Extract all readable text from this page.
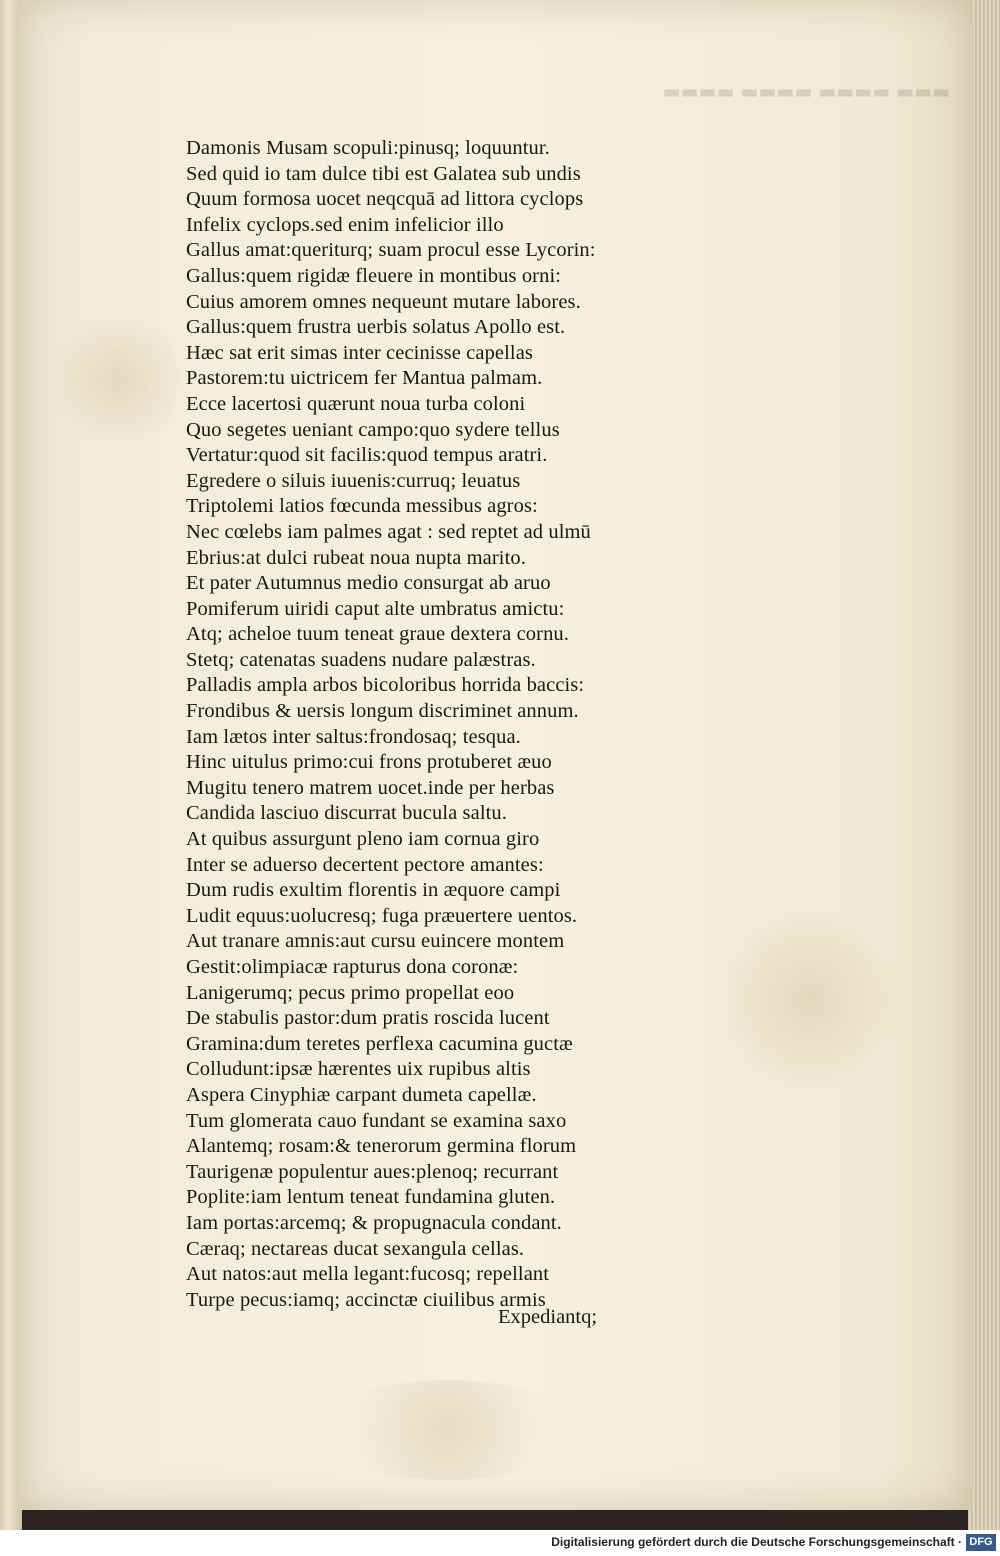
▬▬▬ ▬▬▬▬ ▬▬▬▬ ▬▬▬▬
Damonis Musam scopuli:pinusq; loquuntur.
Sed quid io tam dulce tibi est Galatea sub undis
Quum formosa uocet neqcquā ad littora cyclops
Infelix cyclops.sed enim infelicior illo
Gallus amat:queriturq; suam procul esse Lycorin:
Gallus:quem rigidæ fleuere in montibus orni:
Cuius amorem omnes nequeunt mutare labores.
Gallus:quem frustra uerbis solatus Apollo est.
Hæc sat erit simas inter cecinisse capellas
Pastorem:tu uictricem fer Mantua palmam.
Ecce lacertosi quærunt noua turba coloni
Quo segetes ueniant campo:quo sydere tellus
Vertatur:quod sit facilis:quod tempus aratri.
Egredere o siluis iuuenis:curruq; leuatus
Triptolemi latios fœcunda messibus agros:
Nec cœlebs iam palmes agat : sed reptet ad ulmū
Ebrius:at dulci rubeat noua nupta marito.
Et pater Autumnus medio consurgat ab aruo
Pomiferum uiridi caput alte umbratus amictu:
Atq; acheloe tuum teneat graue dextera cornu.
Stetq; catenatas suadens nudare palæstras.
Palladis ampla arbos bicoloribus horrida baccis:
Frondibus & uersis longum discriminet annum.
Iam lætos inter saltus:frondosaq; tesqua.
Hinc uitulus primo:cui frons protuberet æuo
Mugitu tenero matrem uocet.inde per herbas
Candida lasciuo discurrat bucula saltu.
At quibus assurgunt pleno iam cornua giro
Inter se aduerso decertent pectore amantes:
Dum rudis exultim florentis in æquore campi
Ludit equus:uolucresq; fuga præuertere uentos.
Aut tranare amnis:aut cursu euincere montem
Gestit:olimpiacæ rapturus dona coronæ:
Lanigerumq; pecus primo propellat eoo
De stabulis pastor:dum pratis roscida lucent
Gramina:dum teretes perflexa cacumina guctæ
Colludunt:ipsæ hærentes uix rupibus altis
Aspera Cinyphiæ carpant dumeta capellæ.
Tum glomerata cauo fundant se examina saxo
Alantemq; rosam:& tenerorum germina florum
Taurigenæ populentur aues:plenoq; recurrant
Poplite:iam lentum teneat fundamina gluten.
Iam portas:arcemq; & propugnacula condant.
Cæraq; nectareas ducat sexangula cellas.
Aut natos:aut mella legant:fucosq; repellant
Turpe pecus:iamq; accinctæ ciuilibus armis
Expediantq;
Digitalisierung gefördert durch die Deutsche Forschungsgemeinschaft · DFG
